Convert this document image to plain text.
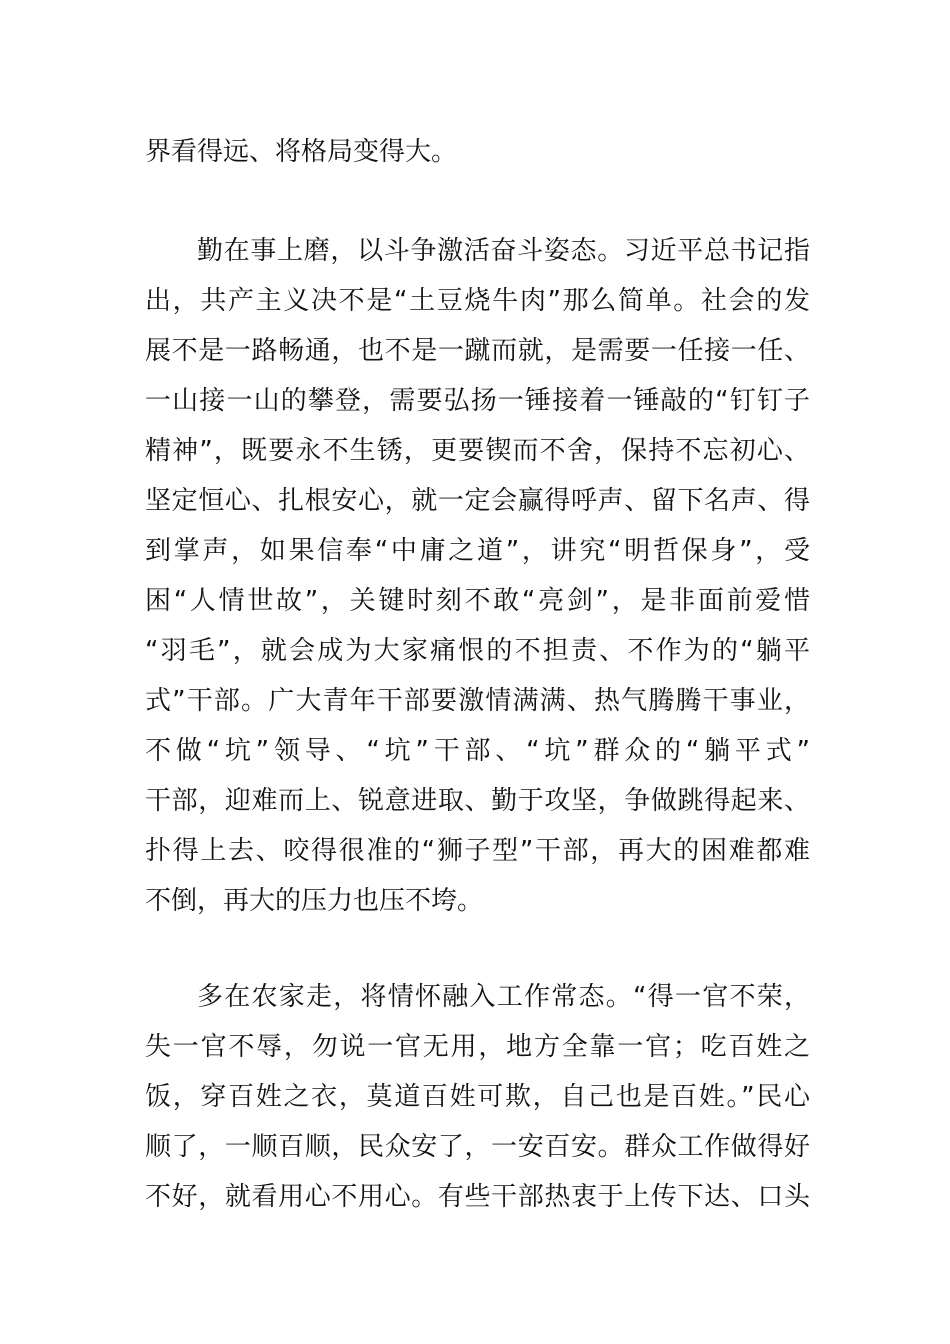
界看得远、将格局变得大。
勤在事上磨，以斗争激活奋斗姿态。习近平总书记指
出，共产主义决不是“土豆烧牛肉”那么简单。社会的发
展不是一路畅通，也不是一蹴而就，是需要一任接一任、
一山接一山的攀登，需要弘扬一锤接着一锤敲的“钉钉子
精神”，既要永不生锈，更要锲而不舍，保持不忘初心、
坚定恒心、扎根安心，就一定会赢得呼声、留下名声、得
到掌声，如果信奉“中庸之道”，讲究“明哲保身”，受
困“人情世故”，关键时刻不敢“亮剑”，是非面前爱惜
“羽毛”，就会成为大家痛恨的不担责、不作为的“躺平
式”干部。广大青年干部要激情满满、热气腾腾干事业，
不做“坑”领导、“坑”干部、“坑”群众的“躺平式”
干部，迎难而上、锐意进取、勤于攻坚，争做跳得起来、
扑得上去、咬得很准的“狮子型”干部，再大的困难都难
不倒，再大的压力也压不垮。
多在农家走，将情怀融入工作常态。“得一官不荣，
失一官不辱，勿说一官无用，地方全靠一官；吃百姓之
饭，穿百姓之衣，莫道百姓可欺，自己也是百姓。”民心
顺了，一顺百顺，民众安了，一安百安。群众工作做得好
不好，就看用心不用心。有些干部热衷于上传下达、口头
